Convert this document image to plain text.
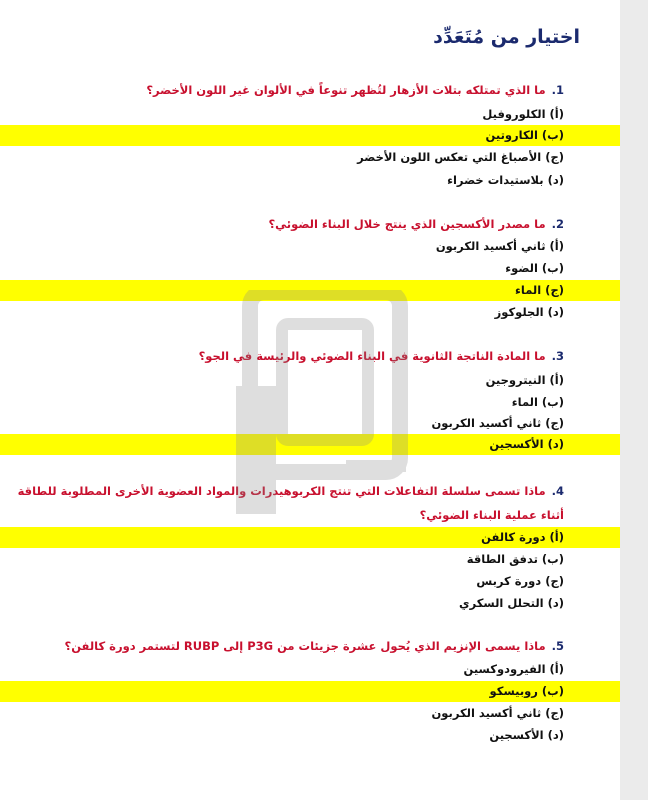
اختيار من مُتَعَدِّد
1.ما الذي تمتلكه بتلات الأزهار لتُظهر تنوعاً في الألوان غير اللون الأخضر؟
(أ) الكلوروفيل
(ب) الكاروتين
(ج) الأصباغ التي تعكس اللون الأخضر
(د) بلاستيدات خضراء
2.ما مصدر الأكسجين الذي ينتج خلال البناء الضوئي؟
(أ) ثاني أكسيد الكربون
(ب) الضوء
(ج) الماء
(د) الجلوكوز
3.ما المادة الناتجة الثانوية في البناء الضوئي والرئيسة في الجو؟
(أ) النيتروجين
(ب) الماء
(ج) ثاني أكسيد الكربون
(د) الأكسجين
4.ماذا تسمى سلسلة التفاعلات التي تنتج الكربوهيدرات والمواد العضوية الأخرى المطلوبة للطاقة أثناء عملية البناء الضوئي؟
(أ) دورة كالفن
(ب) تدفق الطاقة
(ج) دورة كربس
(د) التحلل السكري
5.ماذا يسمى الإنزيم الذي يُحول عشرة جزيئات من P3G إلى RUBP لتستمر دورة كالفن؟
(أ) الفيرودوكسين
(ب) روبيسكو
(ج) ثاني أكسيد الكربون
(د) الأكسجين
